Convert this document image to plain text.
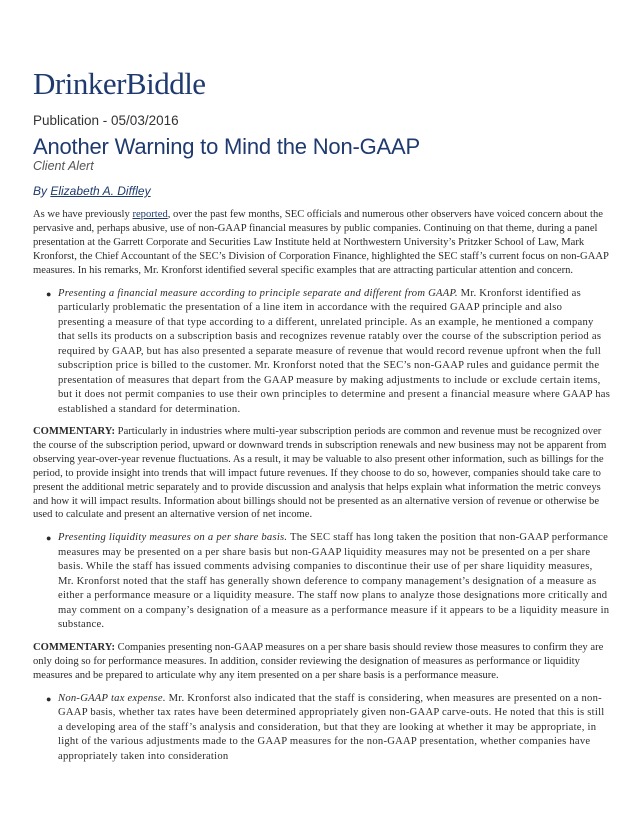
DrinkerBiddle
Publication - 05/03/2016
Another Warning to Mind the Non-GAAP
Client Alert
By Elizabeth A. Diffley

As we have previously reported, over the past few months, SEC officials and numerous other observers have voiced concern about the pervasive and, perhaps abusive, use of non-GAAP financial measures by public companies. Continuing on that theme, during a panel presentation at the Garrett Corporate and Securities Law Institute held at Northwestern University’s Pritzker School of Law, Mark Kronforst, the Chief Accountant of the SEC’s Division of Corporation Finance, highlighted the SEC staff’s current focus on non-GAAP measures. In his remarks, Mr. Kronforst identified several specific examples that are attracting particular attention and concern.

● Presenting a financial measure according to principle separate and different from GAAP. Mr. Kronforst identified as particularly problematic the presentation of a line item in accordance with the required GAAP principle and also presenting a measure of that type according to a different, unrelated principle. As an example, he mentioned a company that sells its products on a subscription basis and recognizes revenue ratably over the course of the subscription period as required by GAAP, but has also presented a separate measure of revenue that would record revenue upfront when the full subscription price is billed to the customer. Mr. Kronforst noted that the SEC’s non-GAAP rules and guidance permit the presentation of measures that depart from the GAAP measure by making adjustments to include or exclude certain items, but it does not permit companies to use their own principles to determine and present a financial measure where GAAP has established a standard for determination.

COMMENTARY: Particularly in industries where multi-year subscription periods are common and revenue must be recognized over the course of the subscription period, upward or downward trends in subscription renewals and new business may not be apparent from observing year-over-year revenue fluctuations. As a result, it may be valuable to also present other information, such as billings for the period, to provide insight into trends that will impact future revenues. If they choose to do so, however, companies should take care to present the additional metric separately and to provide discussion and analysis that helps explain what information the metric conveys and how it will impact results. Information about billings should not be presented as an alternative version of revenue or otherwise be used to calculate and present an alternative version of net income.

● Presenting liquidity measures on a per share basis. The SEC staff has long taken the position that non-GAAP performance measures may be presented on a per share basis but non-GAAP liquidity measures may not be presented on a per share basis. While the staff has issued comments advising companies to discontinue their use of per share liquidity measures, Mr. Kronforst noted that the staff has generally shown deference to company management’s designation of a measure as either a performance measure or a liquidity measure. The staff now plans to analyze those designations more critically and may comment on a company’s designation of a measure as a performance measure if it appears to be a liquidity measure in substance.

COMMENTARY: Companies presenting non-GAAP measures on a per share basis should review those measures to confirm they are only doing so for performance measures. In addition, consider reviewing the designation of measures as performance or liquidity measures and be prepared to articulate why any item presented on a per share basis is a performance measure.

● Non-GAAP tax expense. Mr. Kronforst also indicated that the staff is considering, when measures are presented on a non-GAAP basis, whether tax rates have been determined appropriately given non-GAAP carve-outs. He noted that this is still a developing area of the staff’s analysis and consideration, but that they are looking at whether it may be appropriate, in light of the various adjustments made to the GAAP measures for the non-GAAP presentation, whether companies have appropriately taken into consideration
